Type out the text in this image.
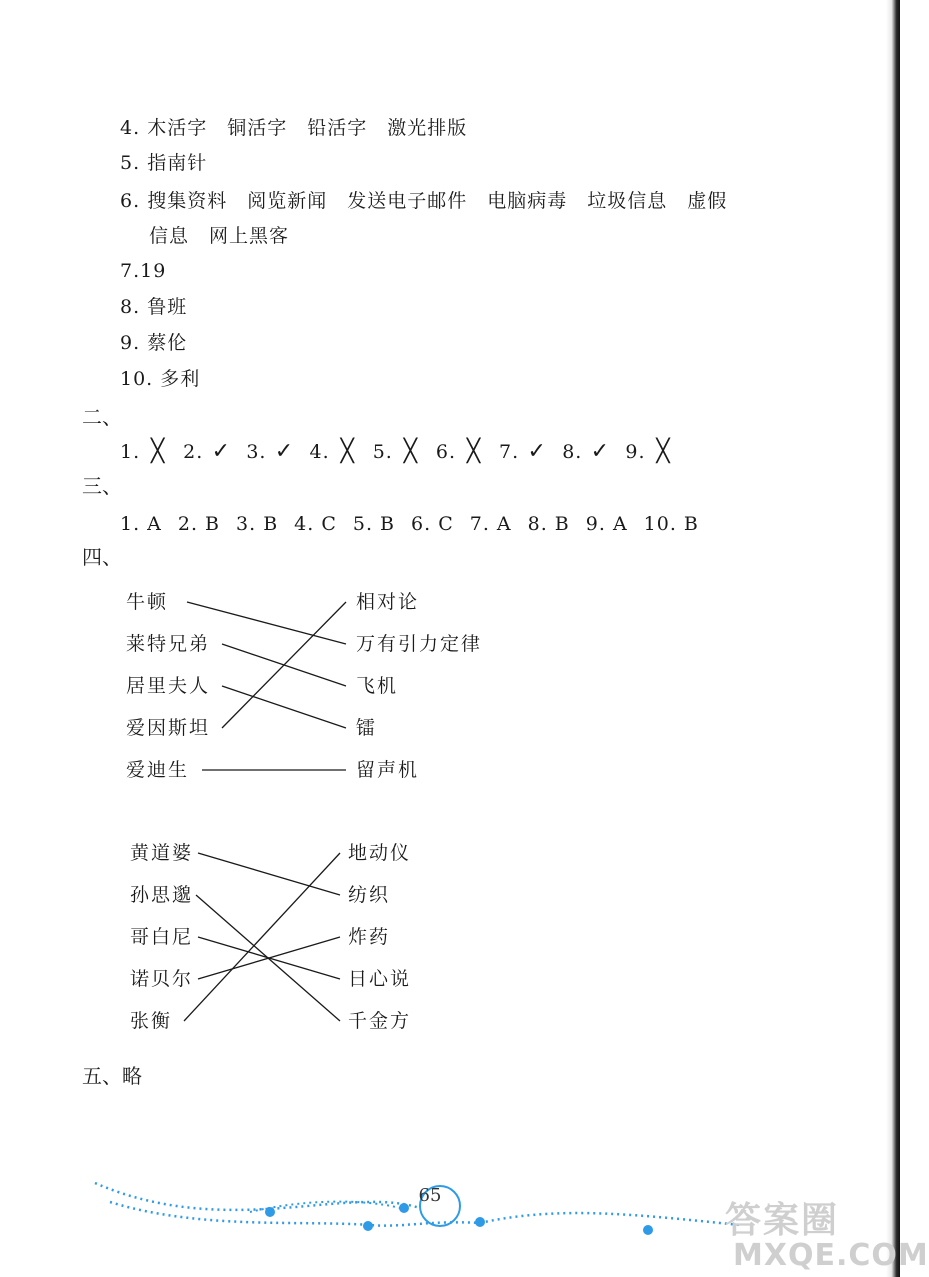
4. 木活字　铜活字　铅活字　激光排版
5. 指南针
6. 搜集资料　阅览新闻　发送电子邮件　电脑病毒　垃圾信息　虚假
信息　网上黑客
7.19
8. 鲁班
9. 蔡伦
10. 多利
二、
1. ╳ 2. ✓ 3. ✓ 4. ╳ 5. ╳ 6. ╳ 7. ✓ 8. ✓ 9. ╳
三、
1. A 2. B 3. B 4. C 5. B 6. C 7. A 8. B 9. A 10. B
四、
牛顿
莱特兄弟
居里夫人
爱因斯坦
爱迪生
相对论
万有引力定律
飞机
镭
留声机
黄道婆
孙思邈
哥白尼
诺贝尔
张衡
地动仪
纺织
炸药
日心说
千金方
五、略
65
答案圈
MXQE.COM
